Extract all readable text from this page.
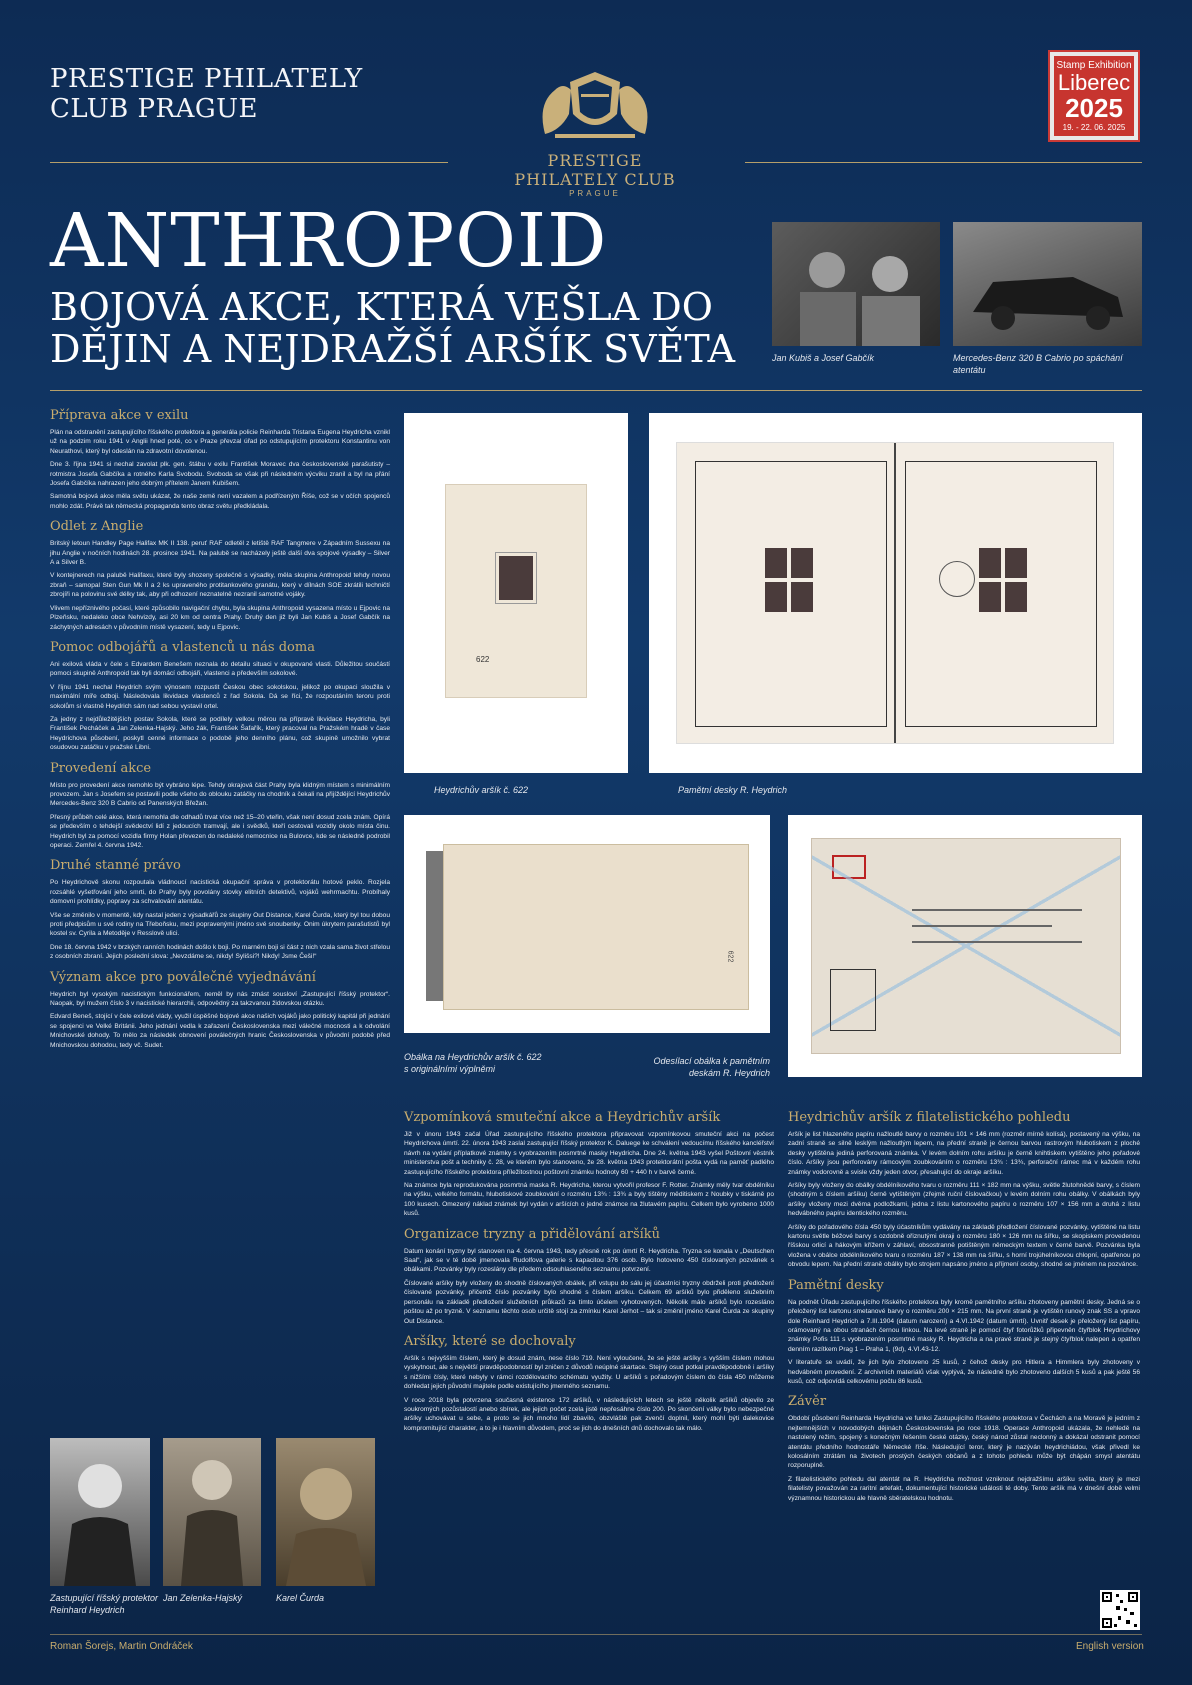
PRESTIGE PHILATELY
CLUB PRAGUE
PRESTIGE PHILATELY CLUB
PRAGUE
Stamp Exhibition
Liberec
2025
19. - 22. 06. 2025
ANTHROPOID
BOJOVÁ AKCE, KTERÁ VEŠLA DO
DĚJIN A NEJDRAŽŠÍ ARŠÍK SVĚTA	Jan Kubiš a Josef Gabčík	Mercedes-Benz 320 B Cabrio po spáchání atentátu
Příprava akce v exilu

Plán na odstranění zastupujícího říšského protektora a generála policie Reinharda Tristana Eugena Heydricha vznikl už na podzim roku 1941 v Anglii hned poté, co v Praze převzal úřad po odstupujícím protektoru Konstantinu von Neurathovi, který byl odeslán na zdravotní dovolenou.

Dne 3. října 1941 si nechal zavolat plk. gen. štábu v exilu František Moravec dva československé parašutisty – rotmistra Josefa Gabčíka a rotného Karla Svobodu. Svoboda se však při následném výcviku zranil a byl na přání Josefa Gabčíka nahrazen jeho dobrým přítelem Janem Kubišem.

Samotná bojová akce měla světu ukázat, že naše země není vazalem a podřízeným Říše, což se v očích spojenců mohlo zdát. Právě tak německá propaganda tento obraz světu předkládala.

Odlet z Anglie

Britský letoun Handley Page Halifax MK II 138. peruť RAF odletěl z letiště RAF Tangmere v Západním Sussexu na jihu Anglie v nočních hodinách 28. prosince 1941. Na palubě se nacházely ještě další dva spojové výsadky – Silver A a Silver B.

V kontejnerech na palubě Halifaxu, které byly shozeny společně s výsadky, měla skupina Anthropoid tehdy novou zbraň – samopal Sten Gun Mk II a 2 ks upraveného protitankového granátu, který v dílnách SOE zkrátili techničtí zbrojíři na polovinu své délky tak, aby při odhození neznatelně nezranil samotné vojáky.

Vlivem nepříznivého počasí, které způsobilo navigační chybu, byla skupina Anthropoid vysazena místo u Ejpovic na Plzeňsku, nedaleko obce Nehvizdy, asi 20 km od centra Prahy. Druhý den již byli Jan Kubiš a Josef Gabčík na záchytných adresách v původním místě vysazení, tedy u Ejpovic.

Pomoc odbojářů a vlastenců u nás doma

Ani exilová vláda v čele s Edvardem Benešem neznala do detailu situaci v okupované vlasti. Důležitou součástí pomoci skupině Anthropoid tak byli domácí odbojáři, vlastenci a především sokolové.

V říjnu 1941 nechal Heydrich svým výnosem rozpustit Českou obec sokolskou, jelikož po okupaci sloužila v maximální míře odboji. Následovala likvidace vlastenců z řad Sokola. Dá se říci, že rozpoutáním teroru proti sokolům si vlastně Heydrich sám nad sebou vystavil ortel.

Za jedny z nejdůležitějších postav Sokola, které se podílely velkou měrou na přípravě likvidace Heydricha, byli František Pecháček a Jan Zelenka-Hajský. Jeho žák, František Šafařík, který pracoval na Pražském hradě v čase Heydrichova působení, poskytl cenné informace o podobě jeho denního plánu, což skupině umožnilo vybrat osudovou zatáčku v pražské Libni.

Provedení akce

Místo pro provedení akce nemohlo být vybráno lépe. Tehdy okrajová část Prahy byla klidným místem s minimálním provozem. Jan s Josefem se postavili podle všeho do oblouku zatáčky na chodník a čekali na přijíždějící Heydrichův Mercedes-Benz 320 B Cabrio od Panenských Břežan.

Přesný průběh celé akce, která nemohla dle odhadů trvat více než 15–20 vteřin, však není dosud zcela znám. Opírá se především o tehdejší svědectví lidí z jedoucích tramvají, ale i svědků, kteří cestovali vozidly okolo místa činu. Heydrich byl za pomocí vozidla firmy Holan převezen do nedaleké nemocnice na Bulovce, kde se následně podrobil operaci. Zemřel 4. června 1942.

Druhé stanné právo

Po Heydrichově skonu rozpoutala vládnoucí nacistická okupační správa v protektorátu hotové peklo. Rozjela rozsáhlé vyšetřování jeho smrti, do Prahy byly povolány stovky elitních detektivů, vojáků wehrmachtu. Probíhaly domovní prohlídky, popravy za schvalování atentátu.

Vše se změnilo v momentě, kdy nastal jeden z výsadkářů ze skupiny Out Distance, Karel Čurda, který byl tou dobou proti předpisům u své rodiny na Třeboňsku, mezi popravenými jméno své snoubenky. Onim úkrytem parašutistů byl kostel sv. Cyrila a Metoděje v Resslově ulici.

Dne 18. června 1942 v brzkých ranních hodinách došlo k boji. Po marném boji si část z nich vzala sama život střelou z osobních zbraní. Jejich poslední slova: „Nevzdáme se, nikdy! Sylišsi?! Nikdy! Jsme Češi!“

Význam akce pro poválečné vyjednávání

Heydrich byl vysokým nacistickým funkcionářem, neměl by nás zmást sousloví „Zastupující říšský protektor“. Naopak, byl mužem číslo 3 v nacistické hierarchii, odpovědný za takzvanou židovskou otázku.

Edvard Beneš, stojící v čele exilové vlády, využil úspěšné bojové akce našich vojáků jako politický kapitál při jednání se spojenci ve Velké Británii. Jeho jednání vedla k zařazení Československa mezi válečné mocnosti a k odvolání Mnichovské dohody. To mělo za následek obnovení poválečných hranic Československa v původní podobě před Mnichovskou dohodou, tedy vč. Sudet.

Zastupující říšský protektor
Reinhard Heydrich
Jan Zelenka-Hajský	Karel Čurda
622
Heydrichův aršík č. 622	Pamětní desky R. Heydrich
622
Obálka na Heydrichův aršík č. 622
s originálními výplněmi
Odesílací obálka k pamětním
deskám R. Heydrich
Vzpomínková smuteční akce a Heydrichův aršík

Již v únoru 1943 začal Úřad zastupujícího říšského protektora připravovat vzpomínkovou smuteční akci na počest Heydrichova úmrtí. 22. února 1943 zaslal zastupující říšský protektor K. Daluege ke schválení vedoucímu říšského kancléřství návrh na vydání příplatkové známky s vyobrazením posmrtné masky Heydricha. Dne 24. května 1943 vyšel Poštovní věstník ministerstva pošt a techniky č. 28, ve kterém bylo stanoveno, že 28. května 1943 protektorátní pošta vydá na paměť padlého zastupujícího říšského protektora příležitostnou poštovní známku hodnoty 60 + 440 h v barvě černé.

Na známce byla reprodukována posmrtná maska R. Heydricha, kterou vytvořil profesor F. Rotter. Známky měly tvar obdélníku na výšku, velkého formátu, hlubotiskové zoubkování o rozměru 13¾ : 13¾ a byly tištěny měditiskem z Noubky v tiskárně po 100 kusech. Omezený náklad známek byl vydán v aršících o jedné známce na žlutavém papíru. Celkem bylo vyrobeno 1000 kusů.

Organizace tryzny a přidělování aršíků

Datum konání tryzny byl stanoven na 4. června 1943, tedy přesně rok po úmrtí R. Heydricha. Tryzna se konala v „Deutschen Saal“, jak se v té době jmenovala Rudolfova galerie s kapacitou 376 osob. Bylo hotoveno 450 číslovaných pozvánek s obálkami. Pozvánky byly rozeslány dle předem odsouhlaseného seznamu potvrzení.

Číslované aršíky byly vloženy do shodně číslovaných obálek, při vstupu do sálu jej účastníci tryzny obdrželi proti předložení číslované pozvánky, přičemž číslo pozvánky bylo shodné s číslem aršíku. Celkem 69 aršíků bylo přiděleno služebním personálu na základě předložení služebních průkazů za tímto účelem vyhotovených. Několik málo aršíků bylo rozesláno poštou až po tryzně. V seznamu těchto osob určitě stojí za zmínku Karel Jerhot – tak si změnil jméno Karel Čurda ze skupiny Out Distance.

Aršíky, které se dochovaly

Aršík s nejvyšším číslem, který je dosud znám, nese číslo 719. Není vyloučené, že se ještě aršíky s vyšším číslem mohou vyskytnout, ale s největší pravděpodobností byl zničen z důvodů neúplné skartace. Stejný osud potkal pravděpodobně i aršíky s nižšími čísly, které nebyly v rámci rozdělovacího schématu využity. U aršíků s pořadovým číslem do čísla 450 můžeme dohledat jejich původní majitele podle existujícího jmenného seznamu.

V roce 2018 byla potvrzena současná existence 172 aršíků, v následujících letech se ještě několik aršíků objevilo ze soukromých pozůstalostí anebo sbírek, ale jejich počet zcela jistě nepřesáhne číslo 200. Po skončení války bylo nebezpečné aršíky uchovávat u sebe, a proto se jich mnoho lidí zbavilo, obzvláště pak zvenčí doplnil, který mohl býti dalekovice kompromitující charakter, a to je i hlavním důvodem, proč se jich do dnešních dnů dochovalo tak málo.

Heydrichův aršík z filatelistického pohledu

Aršík je list hlazeného papíru nažloutlé barvy o rozměru 101 × 146 mm (rozměr mírně kolísá), postavený na výšku, na zadní straně se silně lesklým nažloutlým lepem, na přední straně je černou barvou rastrovým hlubotiskem z ploché desky vytištěna jediná perforovaná známka. V levém dolním rohu aršíku je černě knihtiskem vytištěno jeho pořadové číslo. Aršíky jsou perforovány rámcovým zoubkováním o rozměru 13¾ : 13¾, perforační rámec má v každém rohu známky vodorovně a svisle vždy jeden otvor, přesahující do okraje aršíku.

Aršíky byly vloženy do obálky obdélníkového tvaru o rozměru 111 × 182 mm na výšku, světle žlutohnědé barvy, s číslem (shodným s číslem aršíku) černě vytištěným (zřejmě ruční číslovačkou) v levém dolním rohu obálky. V obálkách byly aršíky vloženy mezi dvěma podložkami, jedna z listu kartonového papíru o rozměru 107 × 156 mm a druhá z listu hedvábného papíru identického rozměru.

Aršíky do pořadového čísla 450 byly účastníkům vydávány na základě předložení číslované pozvánky, vytištěné na listu kartonu světle béžové barvy s ozdobně ořiznutými okraji o rozměru 180 × 126 mm na šířku, se skopiskem provedenou říšskou orlicí a hákovým křížem v záhlaví, obsostranně potištěným německým textem v černé barvě. Pozvánka byla vložena v obálce obdélníkového tvaru o rozměru 187 × 138 mm na šířku, s horní trojúhelníkovou chlopní, opatřenou po obvodu lepem. Na přední straně obálky bylo strojem napsáno jméno a příjmení osoby, shodné se jménem na pozvánce.

Pamětní desky

Na podnět Úřadu zastupujícího říšského protektora byly kromě pamětního aršíku zhotoveny pamětní desky. Jedná se o přeložený list kartonu smetanové barvy o rozměru 200 × 215 mm. Na první straně je vytištěn runový znak SS a vpravo dole Reinhard Heydrich a 7.III.1904 (datum narození) a 4.VI.1942 (datum úmrtí). Uvnitř desek je přeložený list papíru, orámovaný na obou stranách černou linkou. Na levé straně je pomocí čtyř fotorůžků připevněn čtyřblok Heydrichovy známky Pofis 111 s vyobrazením posmrtné masky R. Heydricha a na pravé straně je stejný čtyřblok nalepen a opatřen denním razítkem Prag 1 – Praha 1, (9d), 4.VI.43-12.

V literatuře se uvádí, že jich bylo zhotoveno 25 kusů, z čehož desky pro Hitlera a Himmlera byly zhotoveny v hedvábném provedení. Z archivních materiálů však vyplývá, že následně bylo zhotoveno dalších 5 kusů a pak ještě 56 kusů, což odpovídá celkovému počtu 86 kusů.

Závěr

Období působení Reinharda Heydricha ve funkci Zastupujícího říšského protektora v Čechách a na Moravě je jedním z nejtemnějších v novodobých dějinách Československa po roce 1918. Operace Anthropoid ukázala, že nehledě na nastolený režim, spojený s konečným řešením české otázky, český národ zůstal neclonný a dokázal odstranit pomocí atentátu předního hodnostáře Německé říše. Následující teror, který je nazýván heydrichiádou, však přivedl ke kolosálním ztrátám na životech prostých českých občanů a z tohoto pohledu může být chápán smysl atentátu rozporuplně.

Z filatelistického pohledu dal atentát na R. Heydricha možnost vzniknout nejdražšímu aršíku světa, který je mezi filatelisty považován za raritní artefakt, dokumentující historické události té doby. Tento aršík má v dnešní době velmi významnou historickou ale hlavně sběratelskou hodnotu.

Roman Šorejs, Martin Ondráček	English version
